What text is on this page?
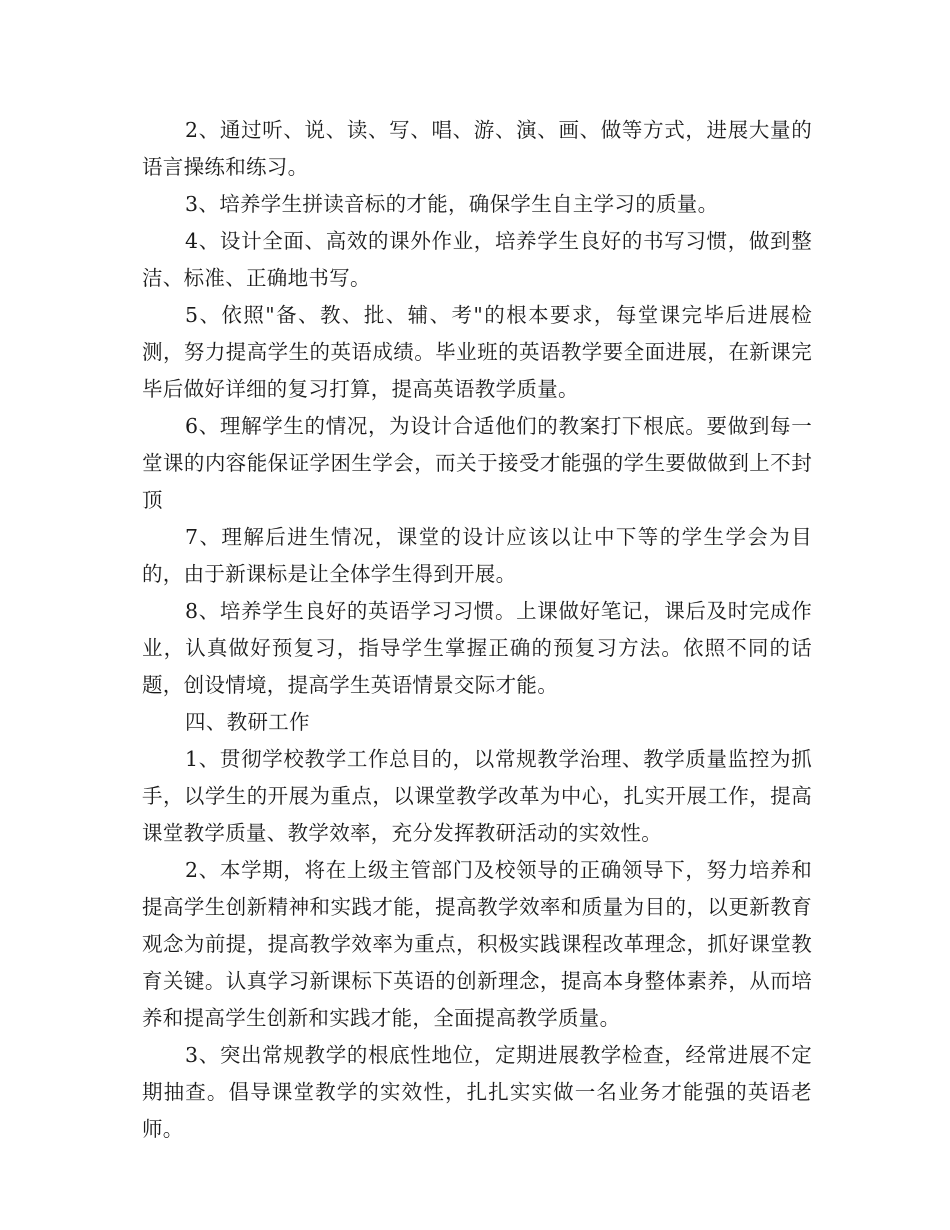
2、通过听、说、读、写、唱、游、演、画、做等方式，进展大量的语言操练和练习。

3、培养学生拼读音标的才能，确保学生自主学习的质量。

4、设计全面、高效的课外作业，培养学生良好的书写习惯，做到整洁、标准、正确地书写。

5、依照"备、教、批、辅、考"的根本要求，每堂课完毕后进展检测，努力提高学生的英语成绩。毕业班的英语教学要全面进展，在新课完毕后做好详细的复习打算，提高英语教学质量。

6、理解学生的情况，为设计合适他们的教案打下根底。要做到每一堂课的内容能保证学困生学会，而关于接受才能强的学生要做做到上不封顶

7、理解后进生情况，课堂的设计应该以让中下等的学生学会为目的，由于新课标是让全体学生得到开展。

8、培养学生良好的英语学习习惯。上课做好笔记，课后及时完成作业，认真做好预复习，指导学生掌握正确的预复习方法。依照不同的话题，创设情境，提高学生英语情景交际才能。

四、教研工作

1、贯彻学校教学工作总目的，以常规教学治理、教学质量监控为抓手，以学生的开展为重点，以课堂教学改革为中心，扎实开展工作，提高课堂教学质量、教学效率，充分发挥教研活动的实效性。

2、本学期，将在上级主管部门及校领导的正确领导下，努力培养和提高学生创新精神和实践才能，提高教学效率和质量为目的，以更新教育观念为前提，提高教学效率为重点，积极实践课程改革理念，抓好课堂教育关键。认真学习新课标下英语的创新理念，提高本身整体素养，从而培养和提高学生创新和实践才能，全面提高教学质量。

3、突出常规教学的根底性地位，定期进展教学检查，经常进展不定期抽查。倡导课堂教学的实效性，扎扎实实做一名业务才能强的英语老师。
